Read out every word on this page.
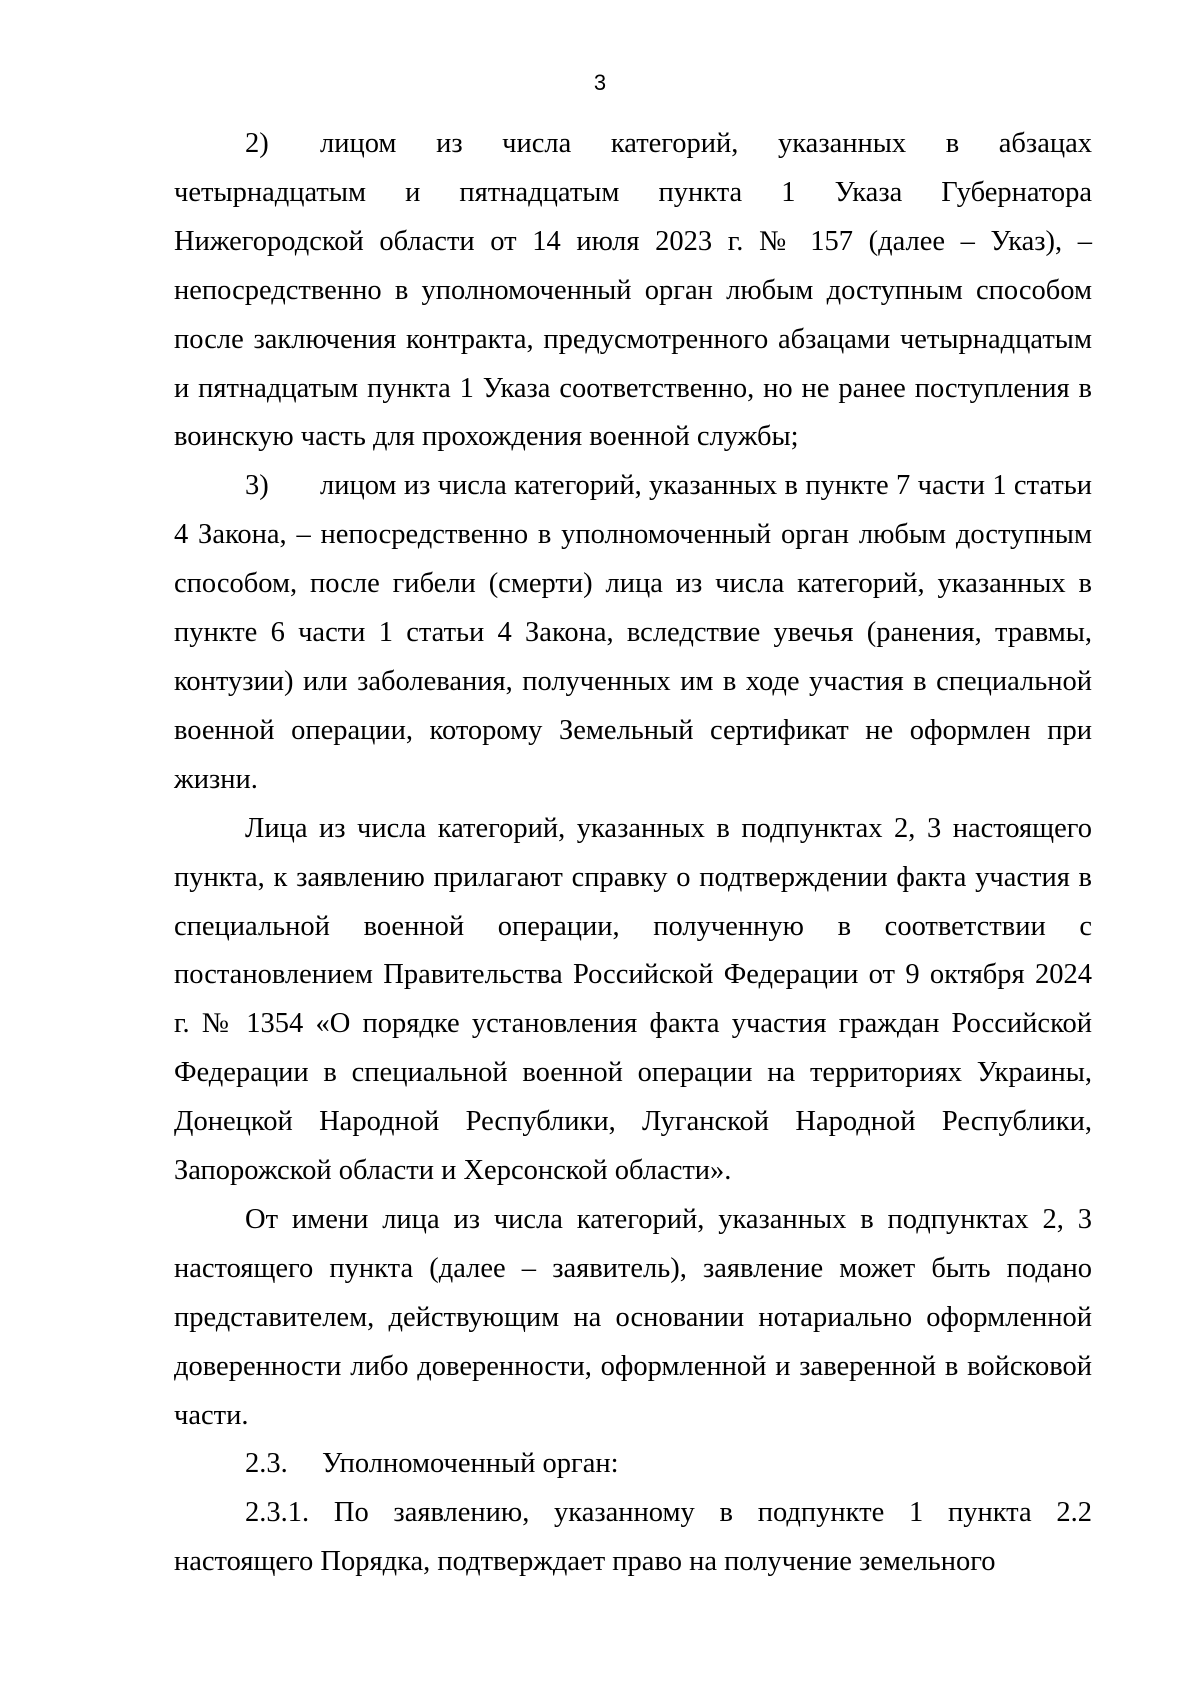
3

2) лицом из числа категорий, указанных в абзацах четырнадцатым и пятнадцатым пункта 1 Указа Губернатора Нижегородской области от 14 июля 2023 г. № 157 (далее – Указ), – непосредственно в уполномоченный орган любым доступным способом после заключения контракта, предусмотренного абзацами четырнадцатым и пятнадцатым пункта 1 Указа соответственно, но не ранее поступления в воинскую часть для прохождения военной службы;

3) лицом из числа категорий, указанных в пункте 7 части 1 статьи 4 Закона, – непосредственно в уполномоченный орган любым доступным способом, после гибели (смерти) лица из числа категорий, указанных в пункте 6 части 1 статьи 4 Закона, вследствие увечья (ранения, травмы, контузии) или заболевания, полученных им в ходе участия в специальной военной операции, которому Земельный сертификат не оформлен при жизни.

Лица из числа категорий, указанных в подпунктах 2, 3 настоящего пункта, к заявлению прилагают справку о подтверждении факта участия в специальной военной операции, полученную в соответствии с постановлением Правительства Российской Федерации от 9 октября 2024 г. № 1354 «О порядке установления факта участия граждан Российской Федерации в специальной военной операции на территориях Украины, Донецкой Народной Республики, Луганской Народной Республики, Запорожской области и Херсонской области».

От имени лица из числа категорий, указанных в подпунктах 2, 3 настоящего пункта (далее – заявитель), заявление может быть подано представителем, действующим на основании нотариально оформленной доверенности либо доверенности, оформленной и заверенной в войсковой части.

2.3. Уполномоченный орган:

2.3.1. По заявлению, указанному в подпункте 1 пункта 2.2 настоящего Порядка, подтверждает право на получение земельного
